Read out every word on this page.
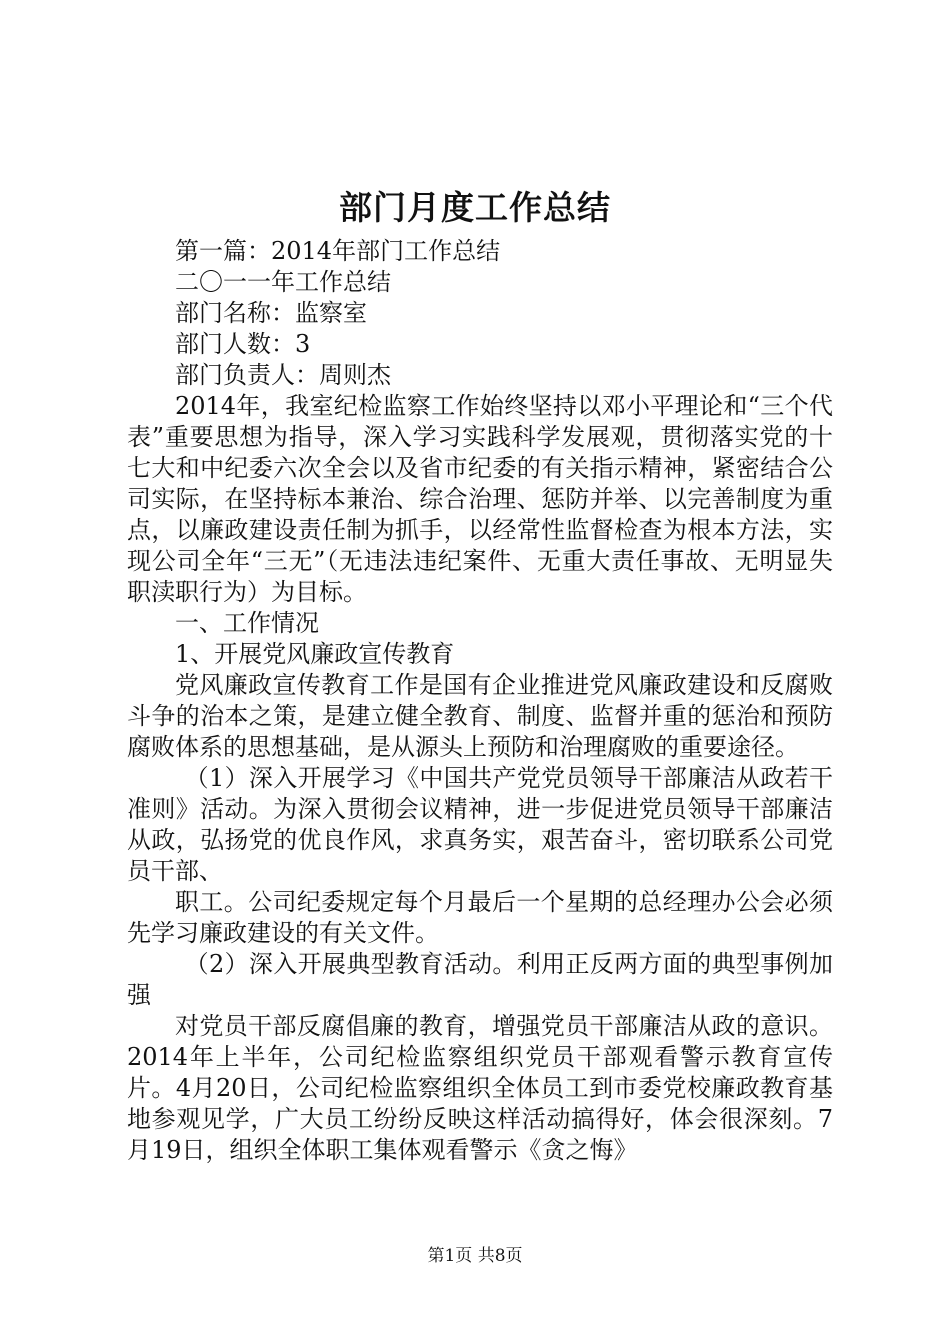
部门月度工作总结

第一篇：2014年部门工作总结

二〇一一年工作总结

部门名称：监察室

部门人数：3

部门负责人：周则杰

2014年，我室纪检监察工作始终坚持以邓小平理论和“三个代表”重要思想为指导，深入学习实践科学发展观，贯彻落实党的十七大和中纪委六次全会以及省市纪委的有关指示精神，紧密结合公司实际，在坚持标本兼治、综合治理、惩防并举、以完善制度为重点，以廉政建设责任制为抓手，以经常性监督检查为根本方法，实现公司全年“三无”（无违法违纪案件、无重大责任事故、无明显失职渎职行为）为目标。

一、工作情况

1、开展党风廉政宣传教育

党风廉政宣传教育工作是国有企业推进党风廉政建设和反腐败斗争的治本之策，是建立健全教育、制度、监督并重的惩治和预防腐败体系的思想基础，是从源头上预防和治理腐败的重要途径。

（1）深入开展学习《中国共产党党员领导干部廉洁从政若干准则》活动。为深入贯彻会议精神，进一步促进党员领导干部廉洁从政，弘扬党的优良作风，求真务实，艰苦奋斗，密切联系公司党员干部、

职工。公司纪委规定每个月最后一个星期的总经理办公会必须先学习廉政建设的有关文件。

（2）深入开展典型教育活动。利用正反两方面的典型事例加强

对党员干部反腐倡廉的教育，增强党员干部廉洁从政的意识。2014年上半年，公司纪检监察组织党员干部观看警示教育宣传片。4月20日，公司纪检监察组织全体员工到市委党校廉政教育基地参观见学，广大员工纷纷反映这样活动搞得好，体会很深刻。7月19日，组织全体职工集体观看警示《贪之悔》

第1页 共8页
